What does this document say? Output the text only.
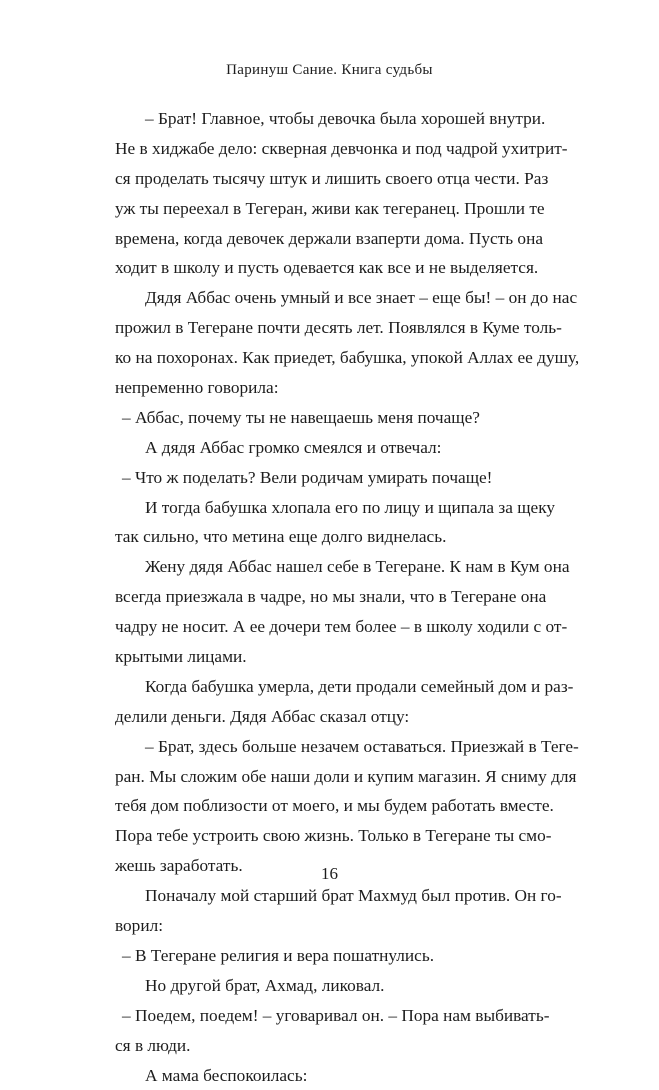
Паринуш Сание. Книга судьбы
– Брат! Главное, чтобы девочка была хорошей внутри.
Не в хиджабе дело: скверная девчонка и под чадрой ухитрит-
ся проделать тысячу штук и лишить своего отца чести. Раз
уж ты переехал в Тегеран, живи как тегеранец. Прошли те
времена, когда девочек держали взаперти дома. Пусть она
ходит в школу и пусть одевается как все и не выделяется.
Дядя Аббас очень умный и все знает – еще бы! – он до нас
прожил в Тегеране почти десять лет. Появлялся в Куме толь-
ко на похоронах. Как приедет, бабушка, упокой Аллах ее душу,
непременно говорила:
– Аббас, почему ты не навещаешь меня почаще?
А дядя Аббас громко смеялся и отвечал:
– Что ж поделать? Вели родичам умирать почаще!
И тогда бабушка хлопала его по лицу и щипала за щеку
так сильно, что метина еще долго виднелась.
Жену дядя Аббас нашел себе в Тегеране. К нам в Кум она
всегда приезжала в чадре, но мы знали, что в Тегеране она
чадру не носит. А ее дочери тем более – в школу ходили с от-
крытыми лицами.
Когда бабушка умерла, дети продали семейный дом и раз-
делили деньги. Дядя Аббас сказал отцу:
– Брат, здесь больше незачем оставаться. Приезжай в Теге-
ран. Мы сложим обе наши доли и купим магазин. Я сниму для
тебя дом поблизости от моего, и мы будем работать вместе.
Пора тебе устроить свою жизнь. Только в Тегеране ты смо-
жешь заработать.
Поначалу мой старший брат Махмуд был против. Он го-
ворил:
– В Тегеране религия и вера пошатнулись.
Но другой брат, Ахмад, ликовал.
– Поедем, поедем! – уговаривал он. – Пора нам выбивать-
ся в люди.
А мама беспокоилась:
16
